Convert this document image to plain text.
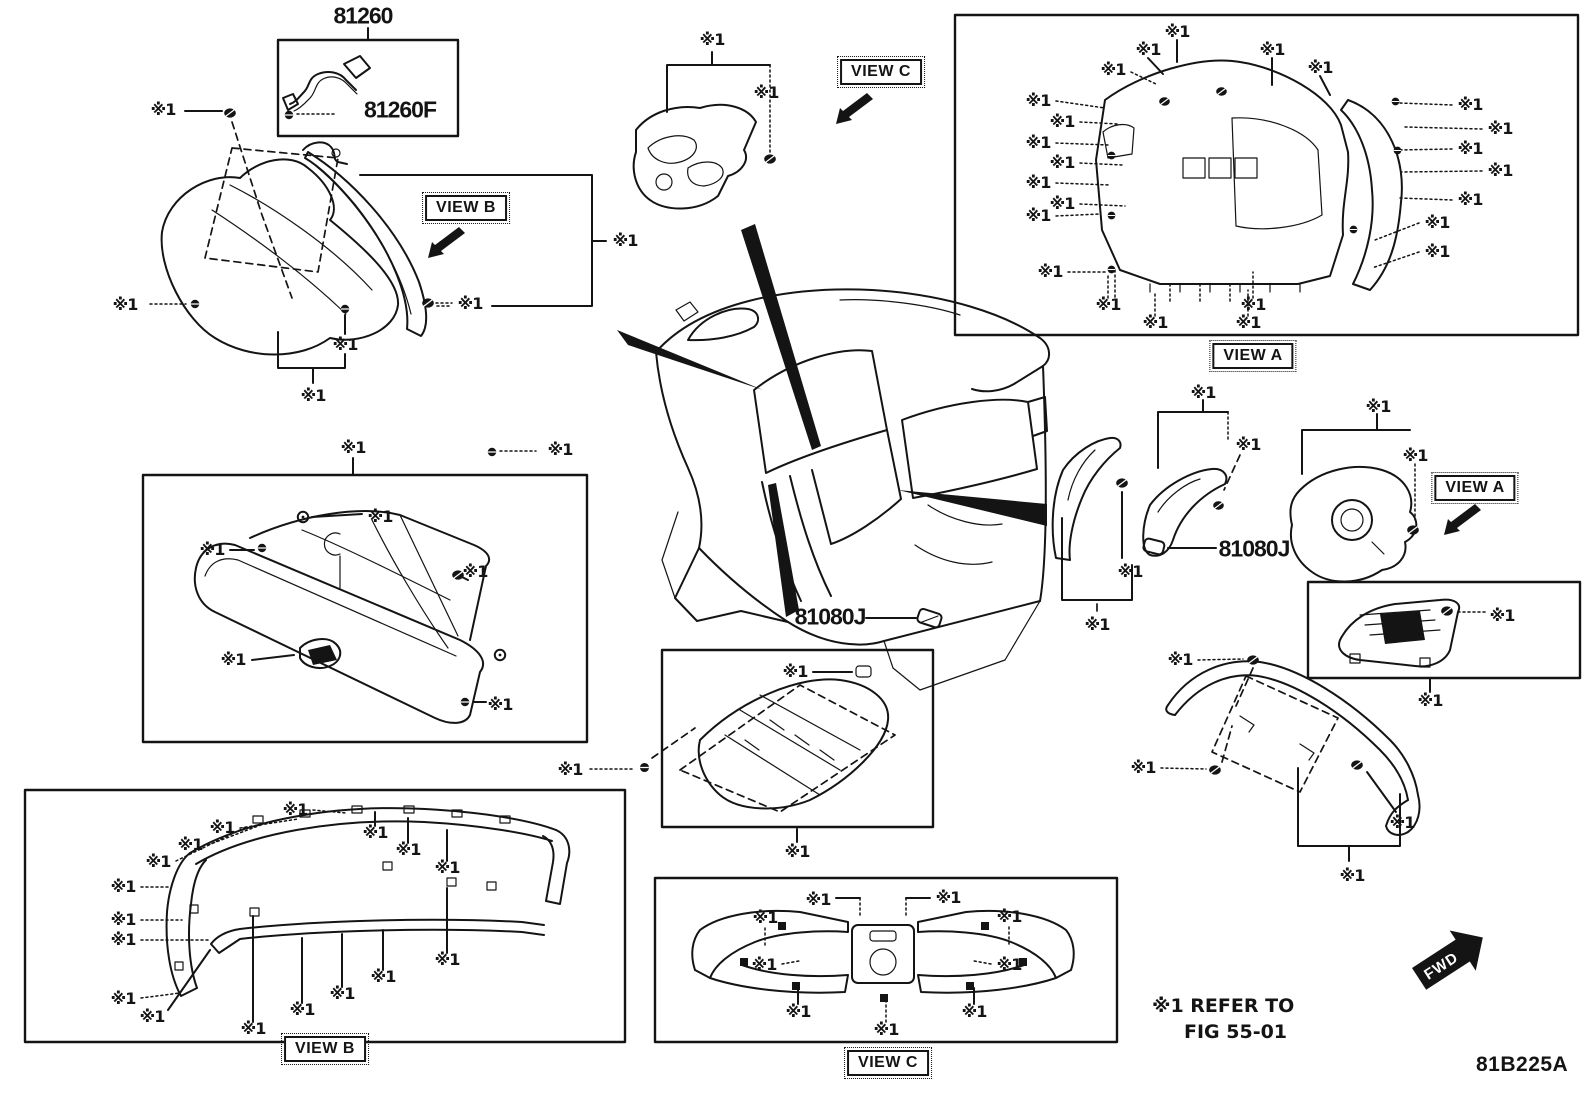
FWD
※1
※1	※1
※1
※1
※1
※1
※1
※1
※1	※1
※1
※1
※1
※1
※1
※1
※1
※1
※1
※1
※1
※1
※1
※1
※1
※1
※1
※1
※1
※1
※1
※1
※1
※1
※1
※1
※1
※1
※1
※1
※1
※1
※1
※1	※1
※1
※1
※1
※1
※1
※1
※1
※1
※1
※1
※1
※1
※1
※1
※1
※1
※1
※1
※1
※1
※1
※1
※1
※1
※1
※1	※1
※1	※1
※1	※1
※1	※1
※1
81260
81260F
81080J
81080J
VIEW B
VIEW C
VIEW A
VIEW A
VIEW B
VIEW C
※1 REFER TO
FIG 55-01
81B225A
